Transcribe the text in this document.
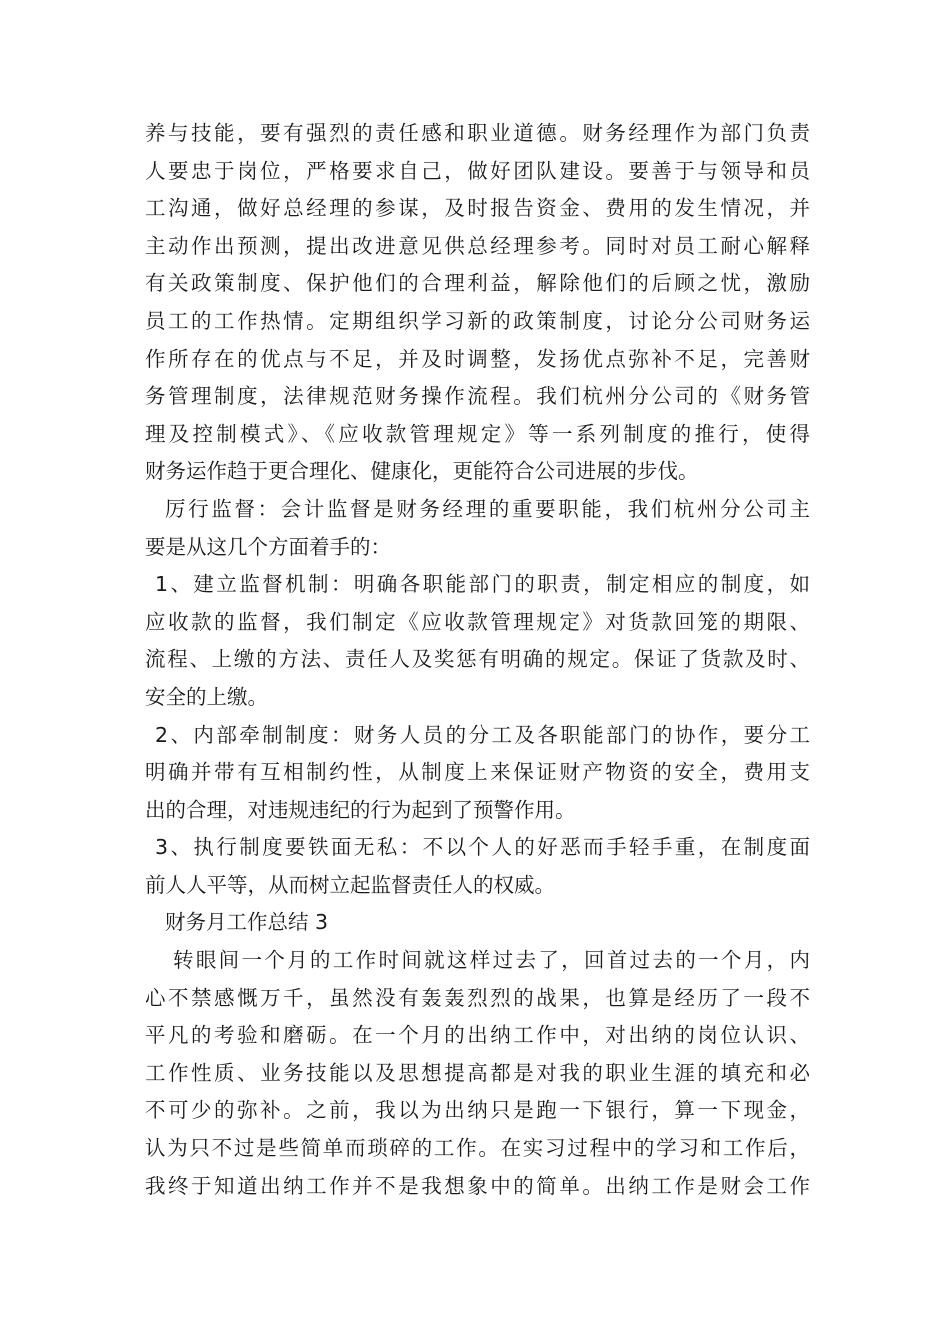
养与技能，要有强烈的责任感和职业道德。财务经理作为部门负责
人要忠于岗位，严格要求自己，做好团队建设。要善于与领导和员
工沟通，做好总经理的参谋，及时报告资金、费用的发生情况，并
主动作出预测，提出改进意见供总经理参考。同时对员工耐心解释
有关政策制度、保护他们的合理利益，解除他们的后顾之忧，激励
员工的工作热情。定期组织学习新的政策制度，讨论分公司财务运
作所存在的优点与不足，并及时调整，发扬优点弥补不足，完善财
务管理制度，法律规范财务操作流程。我们杭州分公司的《财务管
理及控制模式》、《应收款管理规定》等一系列制度的推行，使得
财务运作趋于更合理化、健康化，更能符合公司进展的步伐。
厉行监督：会计监督是财务经理的重要职能，我们杭州分公司主
要是从这几个方面着手的：
1、建立监督机制：明确各职能部门的职责，制定相应的制度，如
应收款的监督，我们制定《应收款管理规定》对货款回笼的期限、
流程、上缴的方法、责任人及奖惩有明确的规定。保证了货款及时、
安全的上缴。
2、内部牵制制度：财务人员的分工及各职能部门的协作，要分工
明确并带有互相制约性，从制度上来保证财产物资的安全，费用支
出的合理，对违规违纪的行为起到了预警作用。
3、执行制度要铁面无私：不以个人的好恶而手轻手重，在制度面
前人人平等，从而树立起监督责任人的权威。
财务月工作总结 3
转眼间一个月的工作时间就这样过去了，回首过去的一个月，内
心不禁感慨万千，虽然没有轰轰烈烈的战果，也算是经历了一段不
平凡的考验和磨砺。在一个月的出纳工作中，对出纳的岗位认识、
工作性质、业务技能以及思想提高都是对我的职业生涯的填充和必
不可少的弥补。之前，我以为出纳只是跑一下银行，算一下现金，
认为只不过是些简单而琐碎的工作。在实习过程中的学习和工作后，
我终于知道出纳工作并不是我想象中的简单。出纳工作是财会工作
